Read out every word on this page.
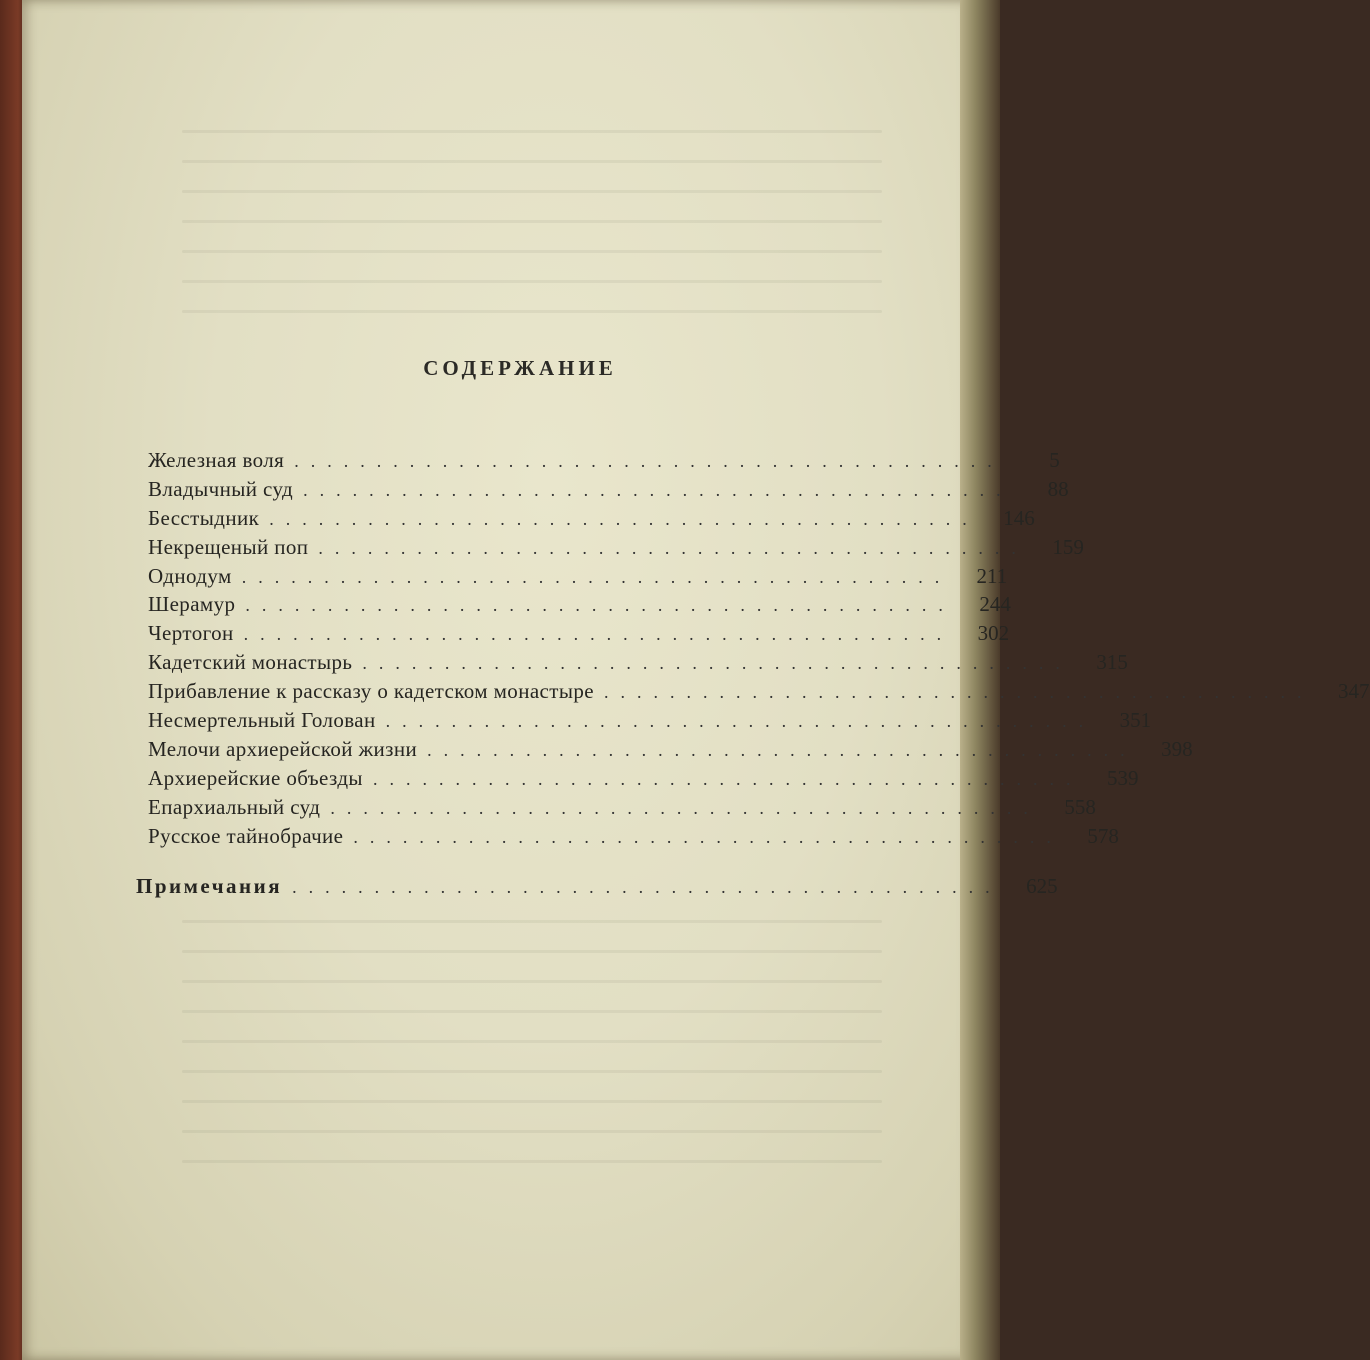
СОДЕРЖАНИЕ
Железная воля ...........................................	5
Владычный суд ...........................................	88
Бесстыдник ...........................................	146
Некрещеный поп ...........................................	159
Однодум ...........................................	211
Шерамур ...........................................	244
Чертогон ...........................................	302
Кадетский монастырь ...........................................	315
Прибавление к рассказу о кадетском монастыре ...........................................	347
Несмертельный Голован ...........................................	351
Мелочи архиерейской жизни ...........................................	398
Архиерейские объезды ...........................................	539
Епархиальный суд ...........................................	558
Русское тайнобрачие ...........................................	578
Примечания ...........................................	625
